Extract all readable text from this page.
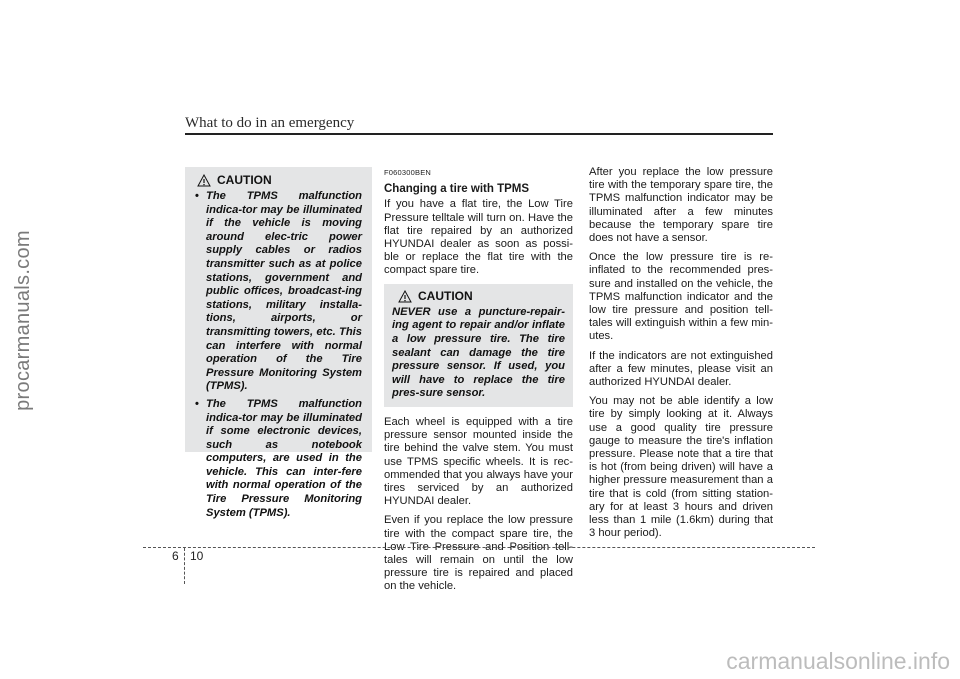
procarmanuals.com
What to do in an emergency
CAUTION
• The TPMS malfunction indica-tor may be illuminated if the vehicle is moving around elec-tric power supply cables or radios transmitter such as at police stations, government and public offices, broadcast-ing stations, military installa-tions, airports, or transmitting towers, etc. This can interfere with normal operation of the Tire Pressure Monitoring System (TPMS).
• The TPMS malfunction indica-tor may be illuminated if some electronic devices, such as notebook computers, are used in the vehicle. This can inter-fere with normal operation of the Tire Pressure Monitoring System (TPMS).
F060300BEN
Changing a tire with TPMS

If you have a flat tire, the Low Tire Pressure telltale will turn on. Have the flat tire repaired by an authorized HYUNDAI dealer as soon as possi-ble or replace the flat tire with the compact spare tire.

CAUTION
NEVER use a puncture-repair-ing agent to repair and/or inflate a low pressure tire. The tire sealant can damage the tire pressure sensor. If used, you will have to replace the tire pres-sure sensor.

Each wheel is equipped with a tire pressure sensor mounted inside the tire behind the valve stem. You must use TPMS specific wheels. It is rec-ommended that you always have your tires serviced by an authorized HYUNDAI dealer.

Even if you replace the low pressure tire with the compact spare tire, the Low Tire Pressure and Position tell-tales will remain on until the low pressure tire is repaired and placed on the vehicle.

After you replace the low pressure tire with the temporary spare tire, the TPMS malfunction indicator may be illuminated after a few minutes because the temporary spare tire does not have a sensor.

Once the low pressure tire is re-inflated to the recommended pres-sure and installed on the vehicle, the TPMS malfunction indicator and the low tire pressure and position tell-tales will extinguish within a few min-utes.

If the indicators are not extinguished after a few minutes, please visit an authorized HYUNDAI dealer.

You may not be able identify a low tire by simply looking at it. Always use a good quality tire pressure gauge to measure the tire's inflation pressure. Please note that a tire that is hot (from being driven) will have a higher pressure measurement than a tire that is cold (from sitting station-ary for at least 3 hours and driven less than 1 mile (1.6km) during that 3 hour period).

6 10
carmanualsonline.info
